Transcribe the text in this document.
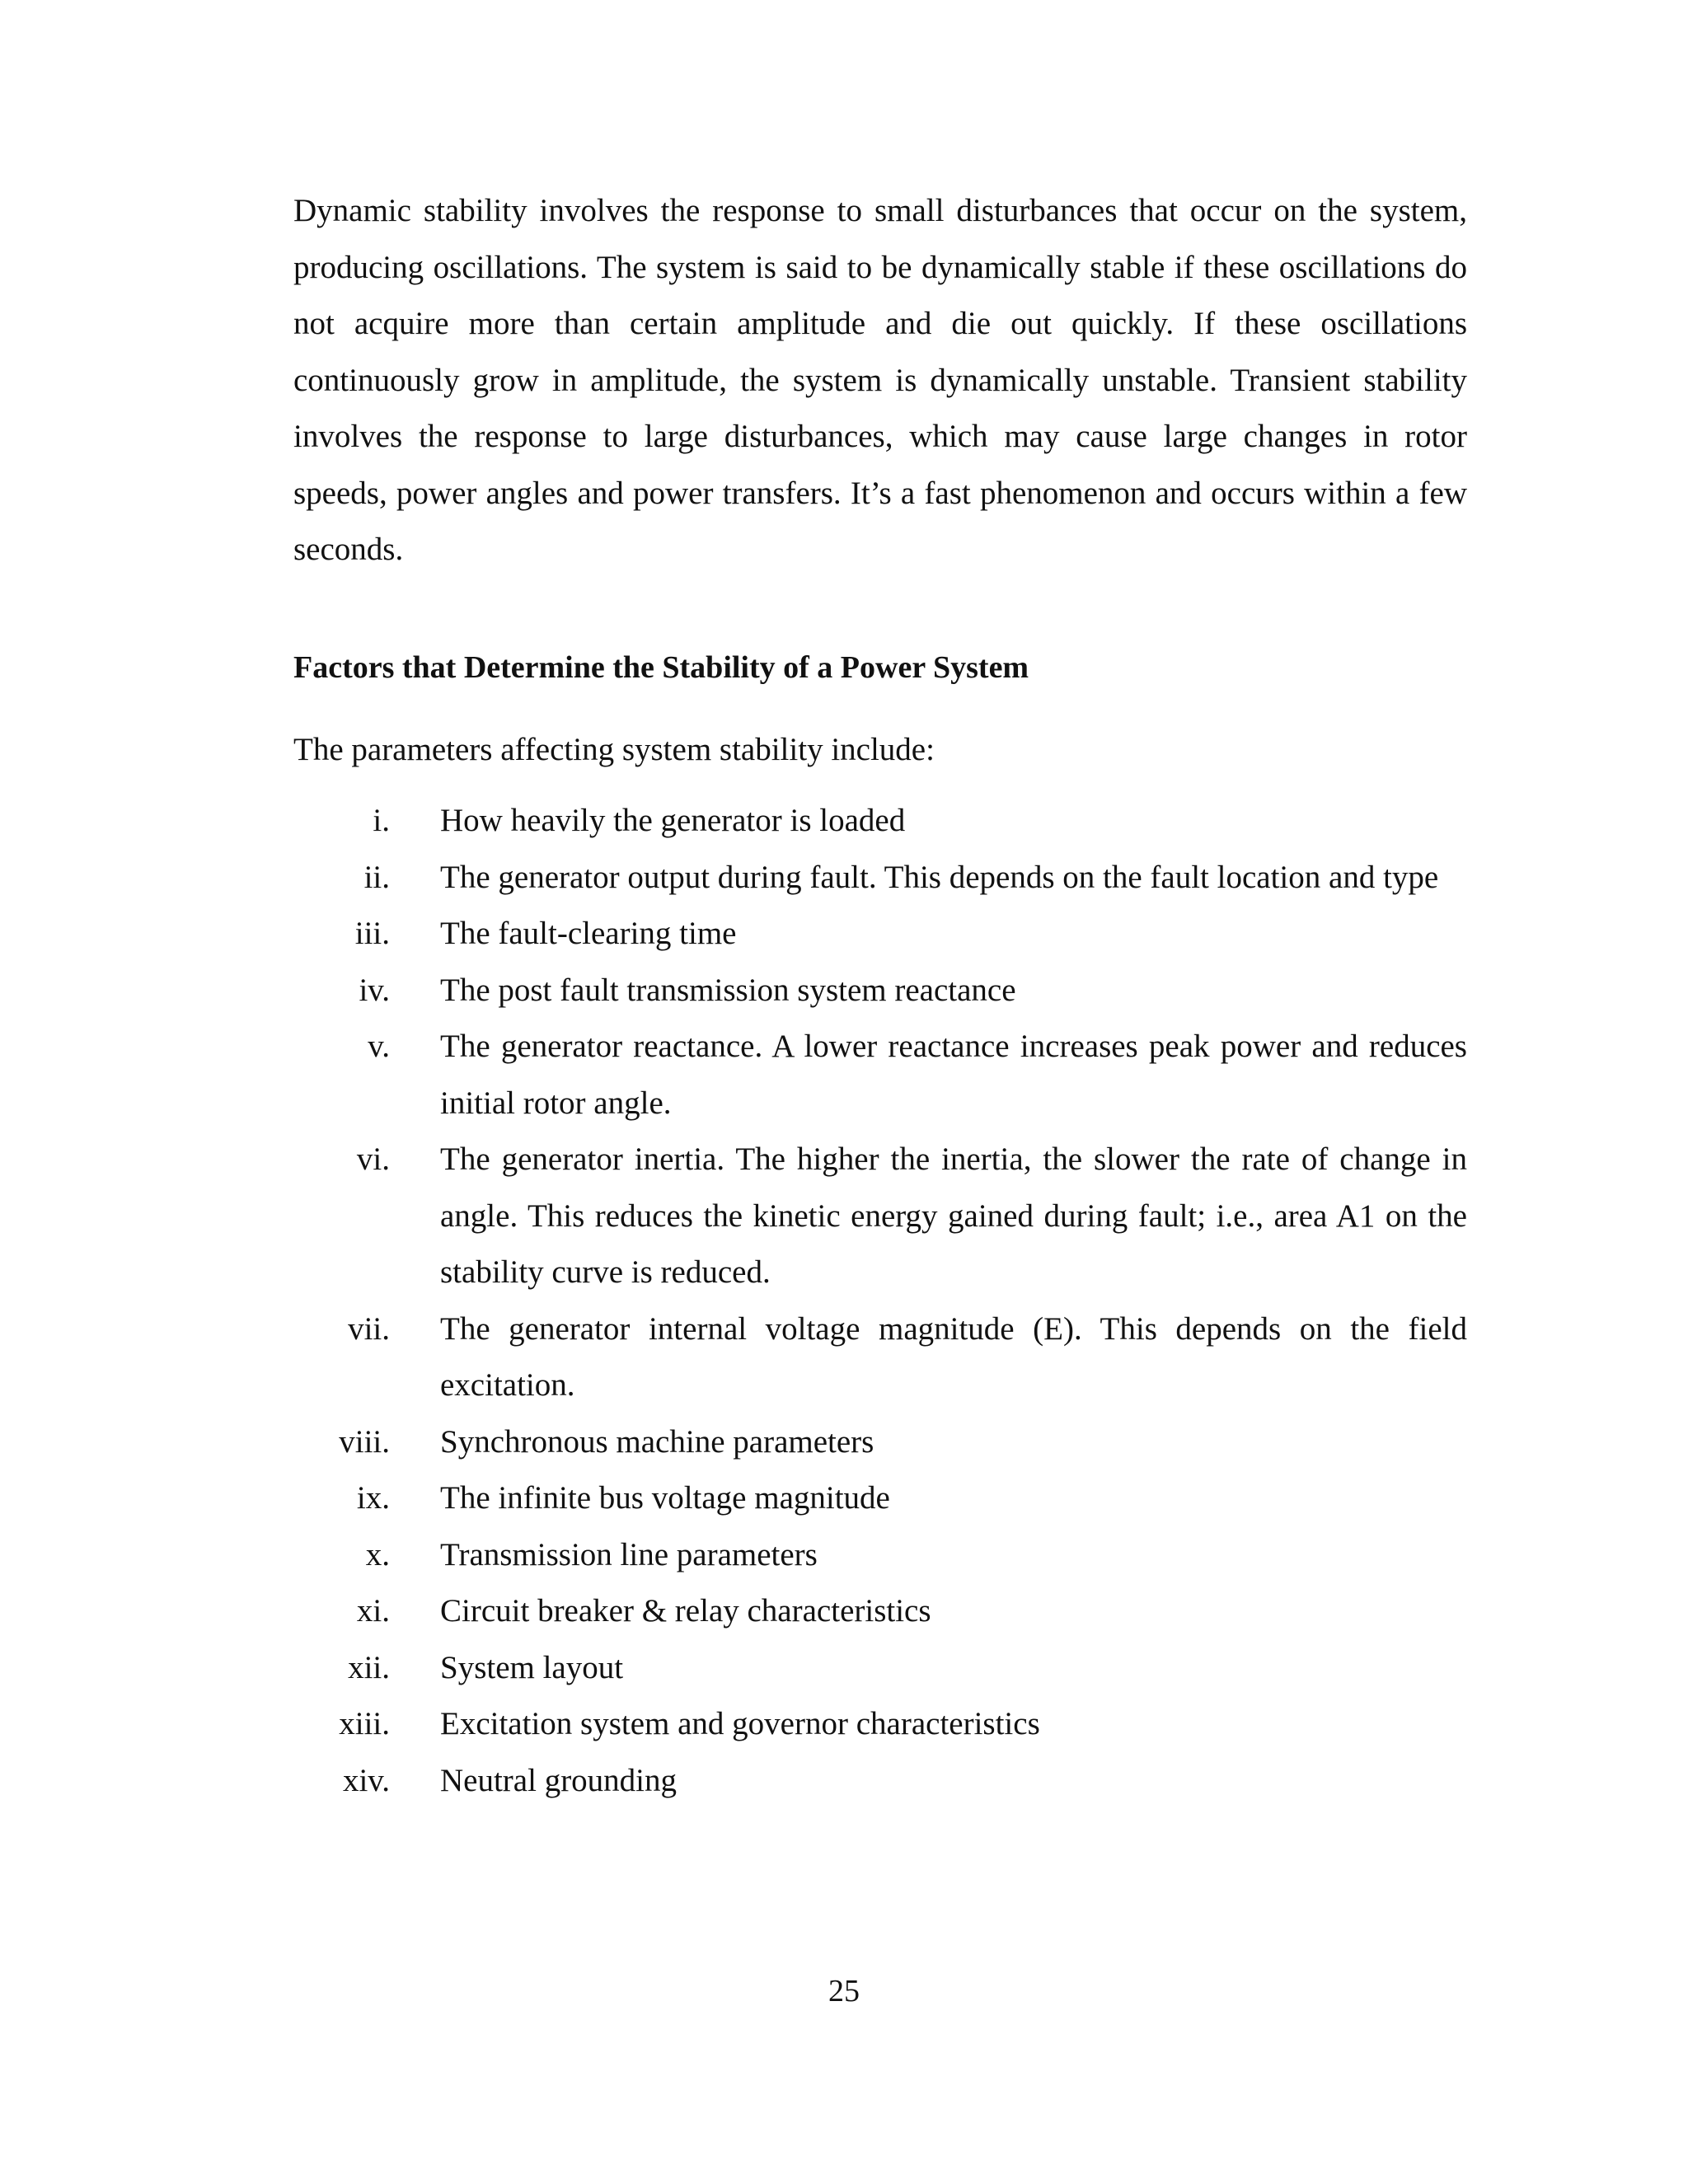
Dynamic stability involves the response to small disturbances that occur on the system, producing oscillations. The system is said to be dynamically stable if these oscillations do not acquire more than certain amplitude and die out quickly. If these oscillations continuously grow in amplitude, the system is dynamically unstable. Transient stability involves the response to large disturbances, which may cause large changes in rotor speeds, power angles and power transfers. It’s a fast phenomenon and occurs within a few seconds.

Factors that Determine the Stability of a Power System

The parameters affecting system stability include:

i. How heavily the generator is loaded
ii. The generator output during fault. This depends on the fault location and type
iii. The fault-clearing time
iv. The post fault transmission system reactance
v. The generator reactance. A lower reactance increases peak power and reduces initial rotor angle.
vi. The generator inertia. The higher the inertia, the slower the rate of change in angle. This reduces the kinetic energy gained during fault; i.e., area A1 on the stability curve is reduced.
vii. The generator internal voltage magnitude (E). This depends on the field excitation.
viii. Synchronous machine parameters
ix. The infinite bus voltage magnitude
x. Transmission line parameters
xi. Circuit breaker & relay characteristics
xii. System layout
xiii. Excitation system and governor characteristics
xiv. Neutral grounding

25
